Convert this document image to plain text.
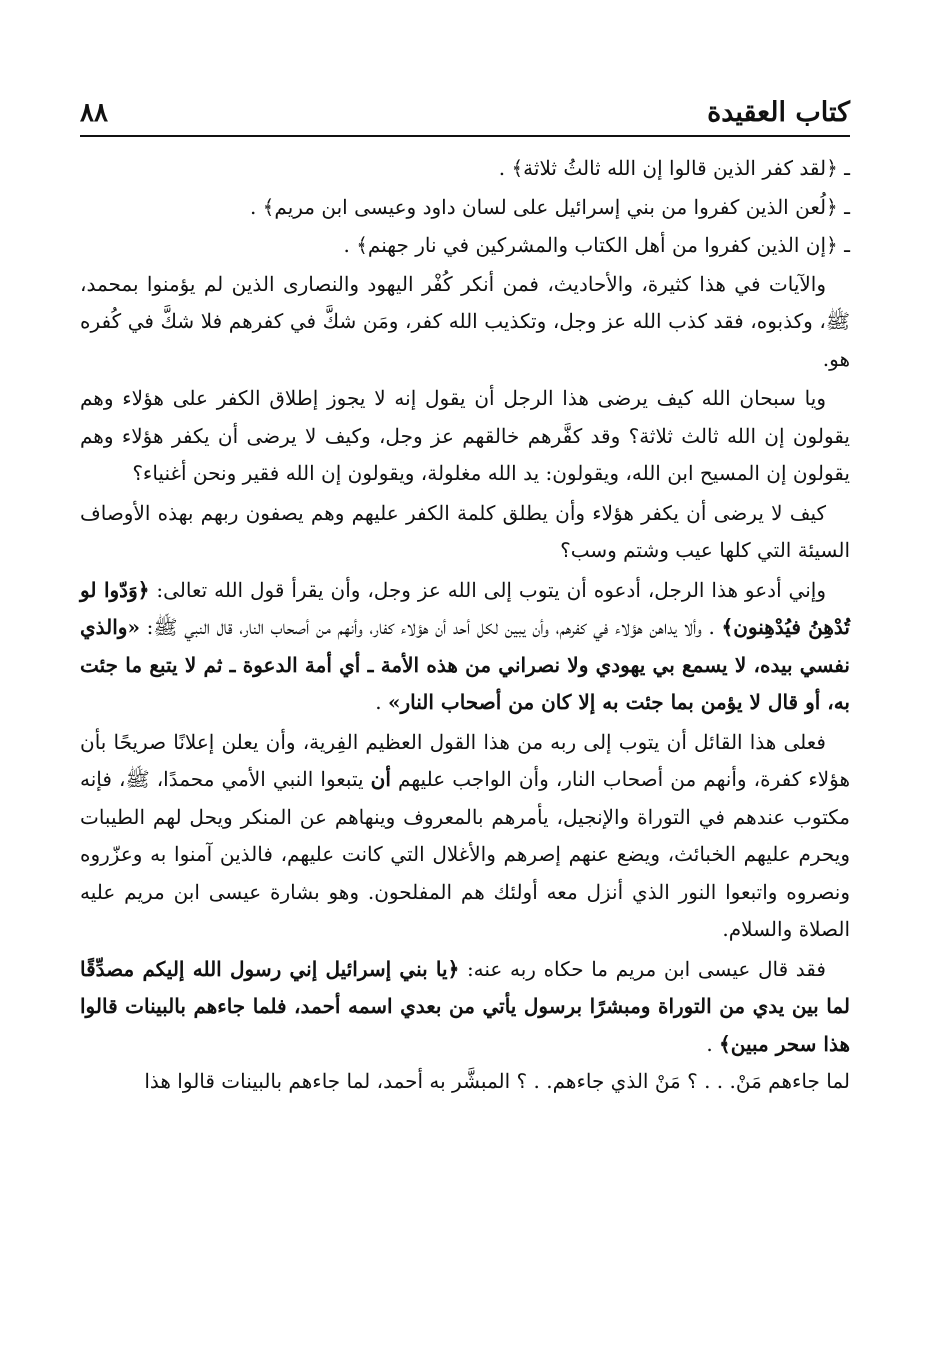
٨٨	كتاب العقيدة

ـ ﴿لقد كفر الذين قالوا إن الله ثالثُ ثلاثة﴾ .

ـ ﴿لُعن الذين كفروا من بني إسرائيل على لسان داود وعيسى ابن مريم﴾ .

ـ ﴿إن الذين كفروا من أهل الكتاب والمشركين في نار جهنم﴾ .

والآيات في هذا كثيرة، والأحاديث، فمن أنكر كُفْر اليهود والنصارى الذين لم يؤمنوا بمحمد، ﷺ، وكذبوه، فقد كذب الله عز وجل، وتكذيب الله كفر، ومَن شكَّ في كفرهم فلا شكَّ في كُفره هو.

ويا سبحان الله كيف يرضى هذا الرجل أن يقول إنه لا يجوز إطلاق الكفر على هؤلاء وهم يقولون إن الله ثالث ثلاثة؟ وقد كفَّرهم خالقهم عز وجل، وكيف لا يرضى أن يكفر هؤلاء وهم يقولون إن المسيح ابن الله، ويقولون: يد الله مغلولة، ويقولون إن الله فقير ونحن أغنياء؟

كيف لا يرضى أن يكفر هؤلاء وأن يطلق كلمة الكفر عليهم وهم يصفون ربهم بهذه الأوصاف السيئة التي كلها عيب وشتم وسب؟

وإني أدعو هذا الرجل، أدعوه أن يتوب إلى الله عز وجل، وأن يقرأ قول الله تعالى: ﴿وَدّوا لو تُدْهِنُ فيُدْهِنون﴾ . وألا يداهن هؤلاء في كفرهم، وأن يبين لكل أحد أن هؤلاء كفار، وأنهم من أصحاب النار، قال النبي ﷺ: «والذي نفسي بيده، لا يسمع بي يهودي ولا نصراني من هذه الأمة ـ أي أمة الدعوة ـ ثم لا يتبع ما جئت به، أو قال لا يؤمن بما جئت به إلا كان من أصحاب النار» .

فعلى هذا القائل أن يتوب إلى ربه من هذا القول العظيم الفِرية، وأن يعلن إعلانًا صريحًا بأن هؤلاء كفرة، وأنهم من أصحاب النار، وأن الواجب عليهم أن يتبعوا النبي الأمي محمدًا، ﷺ، فإنه مكتوب عندهم في التوراة والإنجيل، يأمرهم بالمعروف وينهاهم عن المنكر ويحل لهم الطيبات ويحرم عليهم الخبائث، ويضع عنهم إصرهم والأغلال التي كانت عليهم، فالذين آمنوا به وعزّروه ونصروه واتبعوا النور الذي أنزل معه أولئك هم المفلحون. وهو بشارة عيسى ابن مريم عليه الصلاة والسلام.

فقد قال عيسى ابن مريم ما حكاه ربه عنه: ﴿يا بني إسرائيل إني رسول الله إليكم مصدِّقًا لما بين يدي من التوراة ومبشرًا برسول يأتي من بعدي اسمه أحمد، فلما جاءهم بالبينات قالوا هذا سحر مبين﴾ .

لما جاءهم مَنْ. . . ؟ مَنْ الذي جاءهم. . ؟ المبشَّر به أحمد، لما جاءهم بالبينات قالوا هذا
